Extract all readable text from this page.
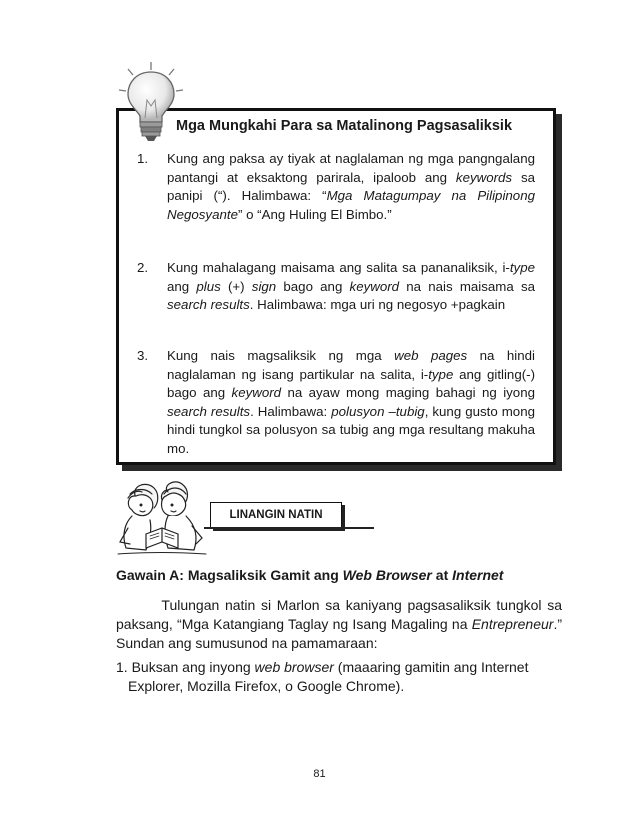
Mga Mungkahi Para sa Matalinong Pagsasaliksik
1.	Kung ang paksa ay tiyak at naglalaman ng mga pangngalang pantangi at eksaktong parirala, ipaloob ang keywords sa panipi (“). Halimbawa: “Mga Matagumpay na Pilipinong Negosyante” o “Ang Huling El Bimbo.”
2.	Kung mahalagang maisama ang salita sa pananaliksik, i-type ang plus (+) sign bago ang keyword na nais maisama sa search results. Halimbawa: mga uri ng negosyo +pagkain
3.	Kung nais magsaliksik ng mga web pages na hindi naglalaman ng isang partikular na salita, i-type ang gitling(-) bago ang keyword na ayaw mong maging bahagi ng iyong search results. Halimbawa: polusyon –tubig, kung gusto mong hindi tungkol sa polusyon sa tubig ang mga resultang makuha mo.
LINANGIN NATIN
Gawain A: Magsaliksik Gamit ang Web Browser at Internet
Tulungan natin si Marlon sa kaniyang pagsasaliksik tungkol sa paksang, “Mga Katangiang Taglay ng Isang Magaling na Entrepreneur.” Sundan ang sumusunod na pamamaraan:
1. Buksan ang inyong web browser (maaaring gamitin ang Internet
Explorer, Mozilla Firefox, o Google Chrome).
81
